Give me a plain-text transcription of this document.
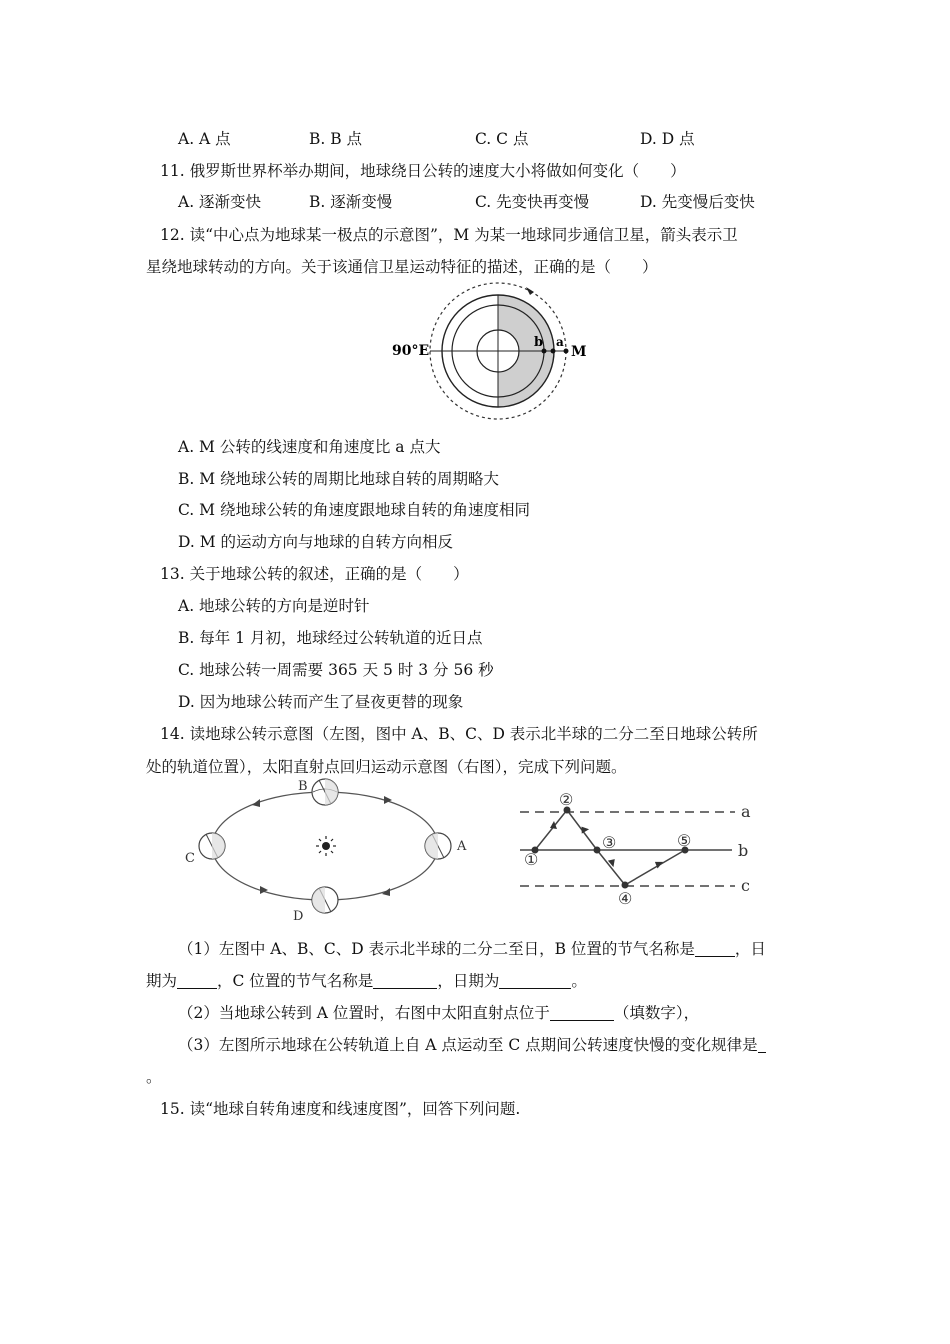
A. A 点	B. B 点	C. C 点	D. D 点
11. 俄罗斯世界杯举办期间，地球绕日公转的速度大小将做如何变化（　　）
A. 逐渐变快	B. 逐渐变慢	C. 先变快再变慢	D. 先变慢后变快
12. 读“中心点为地球某一极点的示意图”，M 为某一地球同步通信卫星，箭头表示卫
星绕地球转动的方向。关于该通信卫星运动特征的描述，正确的是（　　）
90°E
b a
M
A. M 公转的线速度和角速度比 a 点大
B. M 绕地球公转的周期比地球自转的周期略大
C. M 绕地球公转的角速度跟地球自转的角速度相同
D. M 的运动方向与地球的自转方向相反
13. 关于地球公转的叙述，正确的是（　　）
A. 地球公转的方向是逆时针
B. 每年 1 月初，地球经过公转轨道的近日点
C. 地球公转一周需要 365 天 5 时 3 分 56 秒
D. 因为地球公转而产生了昼夜更替的现象
14. 读地球公转示意图（左图，图中 A、B、C、D 表示北半球的二分二至日地球公转所
处的轨道位置），太阳直射点回归运动示意图（右图），完成下列问题。
B
A
C
D
①
②
③
④
⑤
a
b
c
（1）左图中 A、B、C、D 表示北半球的二分二至日，B 位置的节气名称是	，日
期为	，C 位置的节气名称是	，日期为	。
（2）当地球公转到 A 位置时，右图中太阳直射点位于	（填数字），
（3）左图所示地球在公转轨道上自 A 点运动至 C 点期间公转速度快慢的变化规律是
。
15. 读“地球自转角速度和线速度图”，回答下列问题.
